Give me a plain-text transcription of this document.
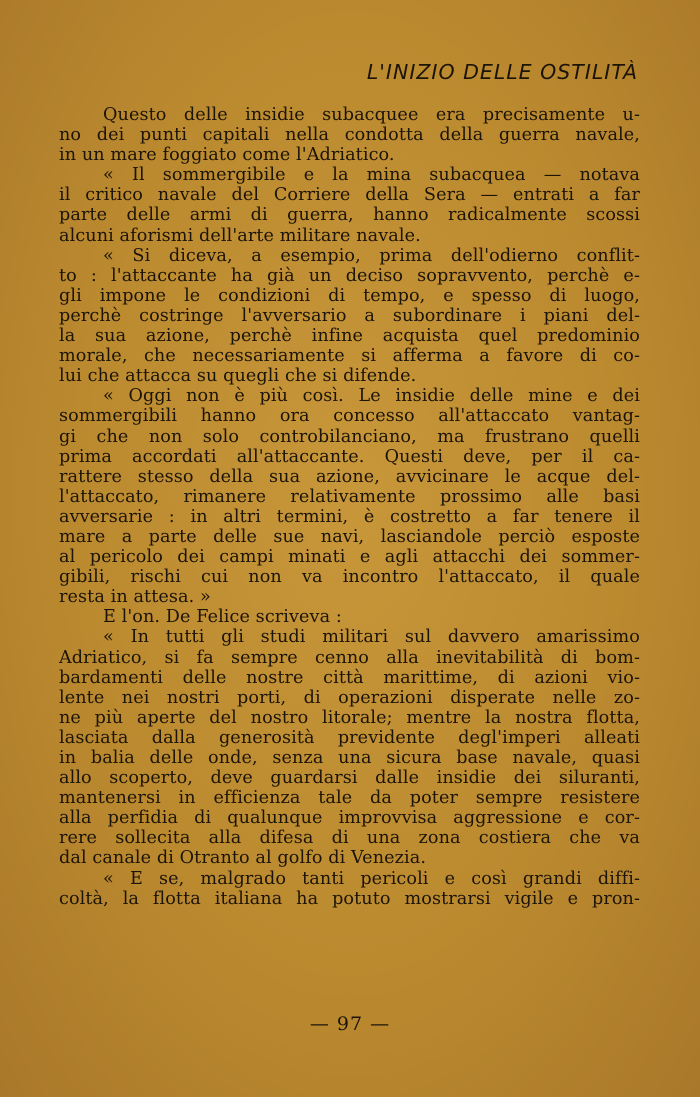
L'INIZIO DELLE OSTILITÀ
Questo delle insidie subacquee era precisamente u-
no dei punti capitali nella condotta della guerra navale,
in un mare foggiato come l'Adriatico.
« Il sommergibile e la mina subacquea — notava
il critico navale del Corriere della Sera — entrati a far
parte delle armi di guerra, hanno radicalmente scossi
alcuni aforismi dell'arte militare navale.
« Si diceva, a esempio, prima dell'odierno conflit-
to : l'attaccante ha già un deciso sopravvento, perchè e-
gli impone le condizioni di tempo, e spesso di luogo,
perchè costringe l'avversario a subordinare i piani del-
la sua azione, perchè infine acquista quel predominio
morale, che necessariamente si afferma a favore di co-
lui che attacca su quegli che si difende.
« Oggi non è più così. Le insidie delle mine e dei
sommergibili hanno ora concesso all'attaccato vantag-
gi che non solo controbilanciano, ma frustrano quelli
prima accordati all'attaccante. Questi deve, per il ca-
rattere stesso della sua azione, avvicinare le acque del-
l'attaccato, rimanere relativamente prossimo alle basi
avversarie : in altri termini, è costretto a far tenere il
mare a parte delle sue navi, lasciandole perciò esposte
al pericolo dei campi minati e agli attacchi dei sommer-
gibili, rischi cui non va incontro l'attaccato, il quale
resta in attesa. »
E l'on. De Felice scriveva :
« In tutti gli studi militari sul davvero amarissimo
Adriatico, si fa sempre cenno alla inevitabilità di bom-
bardamenti delle nostre città marittime, di azioni vio-
lente nei nostri porti, di operazioni disperate nelle zo-
ne più aperte del nostro litorale; mentre la nostra flotta,
lasciata dalla generosità previdente degl'imperi alleati
in balia delle onde, senza una sicura base navale, quasi
allo scoperto, deve guardarsi dalle insidie dei siluranti,
mantenersi in efficienza tale da poter sempre resistere
alla perfidia di qualunque improvvisa aggressione e cor-
rere sollecita alla difesa di una zona costiera che va
dal canale di Otranto al golfo di Venezia.
« E se, malgrado tanti pericoli e così grandi diffi-
coltà, la flotta italiana ha potuto mostrarsi vigile e pron-
— 97 —
